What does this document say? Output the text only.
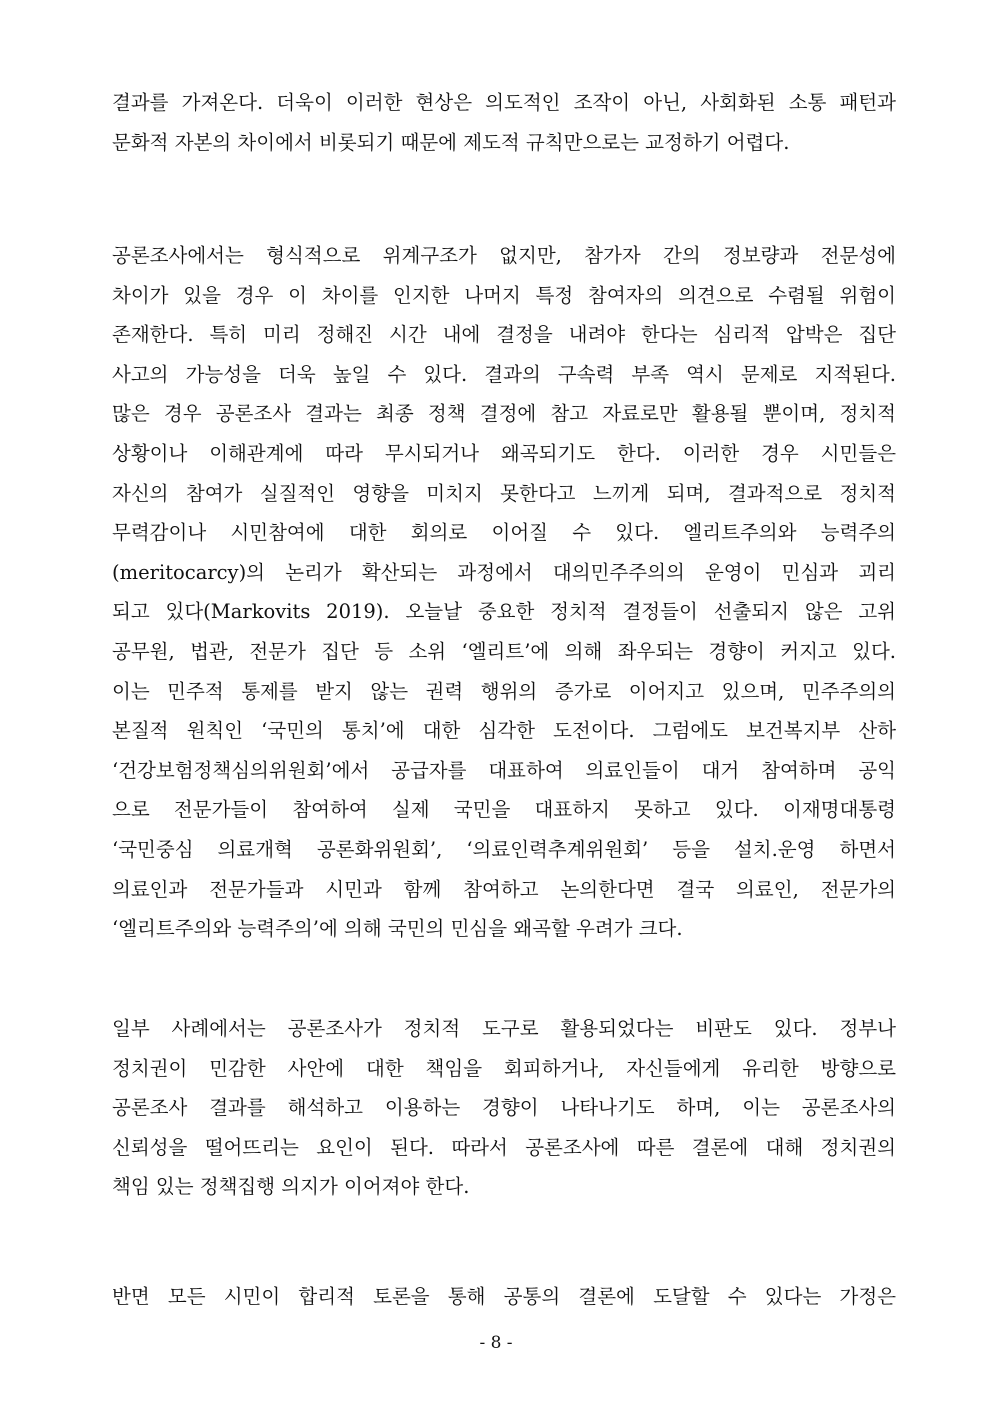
결과를 가져온다. 더욱이 이러한 현상은 의도적인 조작이 아닌, 사회화된 소통 패턴과
문화적 자본의 차이에서 비롯되기 때문에 제도적 규칙만으로는 교정하기 어렵다.
공론조사에서는 형식적으로 위계구조가 없지만, 참가자 간의 정보량과 전문성에
차이가 있을 경우 이 차이를 인지한 나머지 특정 참여자의 의견으로 수렴될 위험이
존재한다. 특히 미리 정해진 시간 내에 결정을 내려야 한다는 심리적 압박은 집단
사고의 가능성을 더욱 높일 수 있다. 결과의 구속력 부족 역시 문제로 지적된다.
많은 경우 공론조사 결과는 최종 정책 결정에 참고 자료로만 활용될 뿐이며, 정치적
상황이나 이해관계에 따라 무시되거나 왜곡되기도 한다. 이러한 경우 시민들은
자신의 참여가 실질적인 영향을 미치지 못한다고 느끼게 되며, 결과적으로 정치적
무력감이나 시민참여에 대한 회의로 이어질 수 있다. 엘리트주의와 능력주의
(meritocarcy)의 논리가 확산되는 과정에서 대의민주주의의 운영이 민심과 괴리
되고 있다(Markovits 2019). 오늘날 중요한 정치적 결정들이 선출되지 않은 고위
공무원, 법관, 전문가 집단 등 소위 ‘엘리트’에 의해 좌우되는 경향이 커지고 있다.
이는 민주적 통제를 받지 않는 권력 행위의 증가로 이어지고 있으며, 민주주의의
본질적 원칙인 ‘국민의 통치’에 대한 심각한 도전이다. 그럼에도 보건복지부 산하
‘건강보험정책심의위원회’에서 공급자를 대표하여 의료인들이 대거 참여하며 공익
으로 전문가들이 참여하여 실제 국민을 대표하지 못하고 있다. 이재명대통령
‘국민중심 의료개혁 공론화위원회’, ‘의료인력추계위원회’ 등을 설치.운영 하면서
의료인과 전문가들과 시민과 함께 참여하고 논의한다면 결국 의료인, 전문가의
‘엘리트주의와 능력주의’에 의해 국민의 민심을 왜곡할 우려가 크다.
일부 사례에서는 공론조사가 정치적 도구로 활용되었다는 비판도 있다. 정부나
정치권이 민감한 사안에 대한 책임을 회피하거나, 자신들에게 유리한 방향으로
공론조사 결과를 해석하고 이용하는 경향이 나타나기도 하며, 이는 공론조사의
신뢰성을 떨어뜨리는 요인이 된다. 따라서 공론조사에 따른 결론에 대해 정치권의
책임 있는 정책집행 의지가 이어져야 한다.
반면 모든 시민이 합리적 토론을 통해 공통의 결론에 도달할 수 있다는 가정은
- 8 -
